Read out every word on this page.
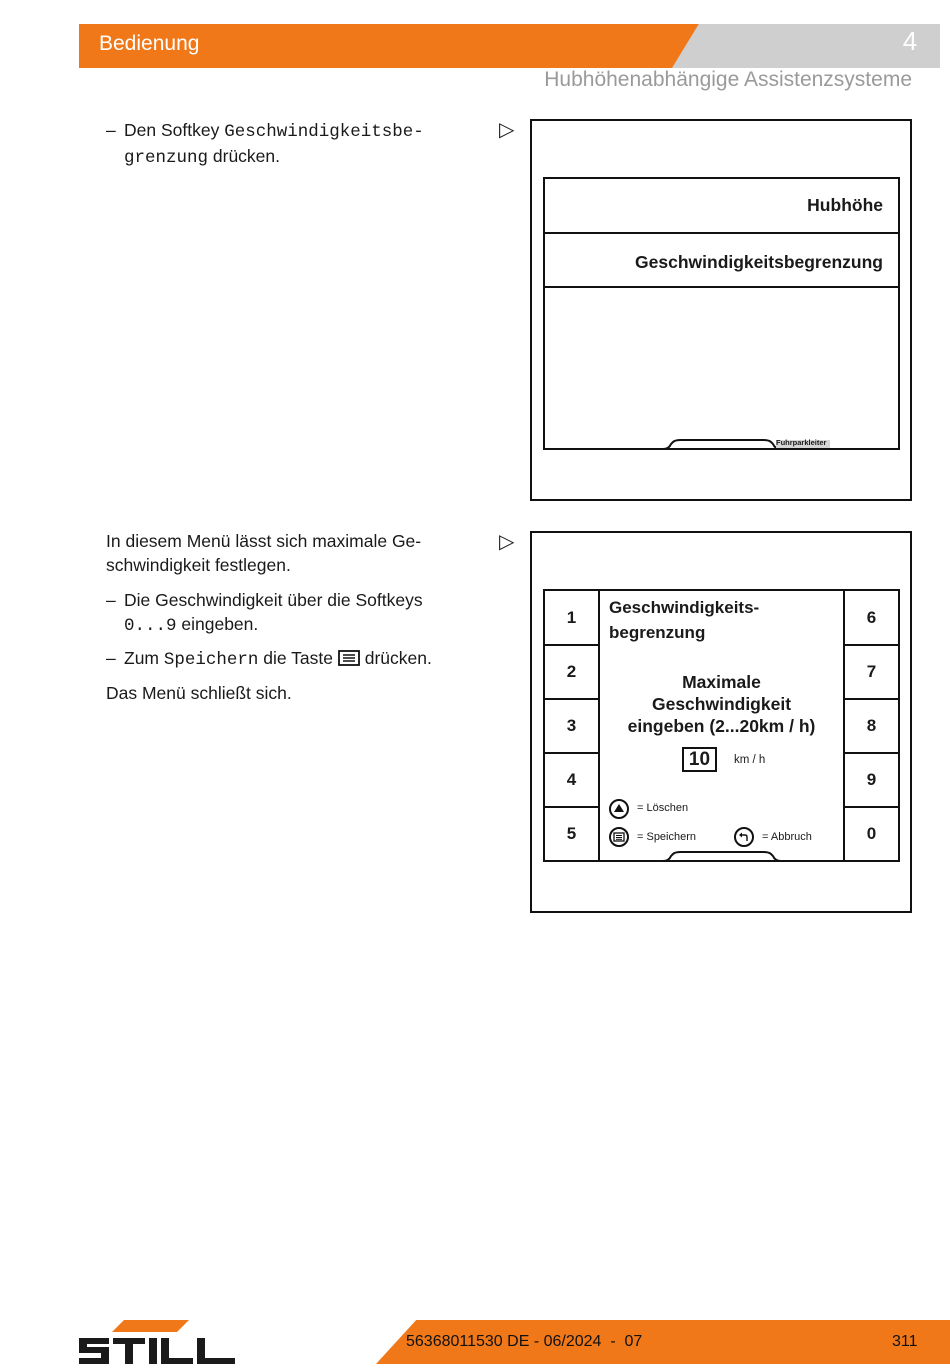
Bedienung	4
Hubhöhenabhängige Assistenzsysteme
– Den Softkey Geschwindigkeitsbe-
grenzung drücken.
▷
Hubhöhe
Geschwindigkeitsbegrenzung
Fuhrparkleiter
In diesem Menü lässt sich maximale Ge-
schwindigkeit festlegen.
▷
– Die Geschwindigkeit über die Softkeys
0...9 eingeben.
– Zum Speichern die Taste  drücken.
Das Menü schließt sich.
1
2
3
4
5
6
7
8
9
0
Geschwindigkeits-
begrenzung
Maximale
Geschwindigkeit
eingeben (2...20km / h)
10	km / h
= Löschen
= Speichern	= Abbruch
56368011530 DE - 06/2024  -  07	311
